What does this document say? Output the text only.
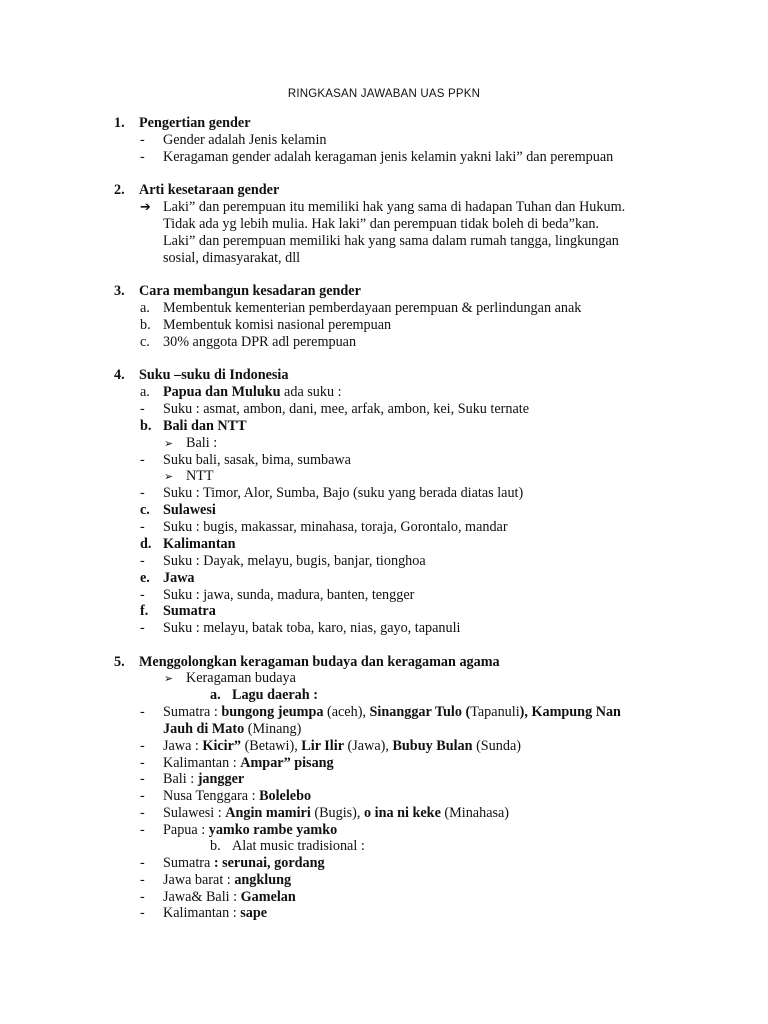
RINGKASAN JAWABAN UAS PPKN
1. Pengertian gender
- Gender adalah Jenis kelamin
- Keragaman gender adalah keragaman jenis kelamin yakni laki” dan perempuan
2. Arti kesetaraan gender
➔ Laki” dan perempuan itu memiliki hak yang sama di hadapan Tuhan dan Hukum.
Tidak ada yg lebih mulia. Hak laki” dan perempuan tidak boleh di beda”kan.
Laki” dan perempuan memiliki hak yang sama dalam rumah tangga, lingkungan
sosial, dimasyarakat, dll
3. Cara membangun kesadaran gender
a. Membentuk kementerian pemberdayaan perempuan & perlindungan anak
b. Membentuk komisi nasional perempuan
c. 30% anggota DPR adl perempuan
4. Suku –suku di Indonesia
a. Papua dan Muluku ada suku :
- Suku : asmat, ambon, dani, mee, arfak, ambon, kei, Suku ternate
b. Bali dan NTT
➢ Bali :
- Suku bali, sasak, bima, sumbawa
➢ NTT
- Suku : Timor, Alor, Sumba, Bajo (suku yang berada diatas laut)
c. Sulawesi
- Suku : bugis, makassar, minahasa, toraja, Gorontalo, mandar
d. Kalimantan
- Suku : Dayak, melayu, bugis, banjar, tionghoa
e. Jawa
- Suku : jawa, sunda, madura, banten, tengger
f. Sumatra
- Suku : melayu, batak toba, karo, nias, gayo, tapanuli
5. Menggolongkan keragaman budaya dan keragaman agama
➢ Keragaman budaya
a. Lagu daerah :
- Sumatra : bungong jeumpa (aceh), Sinanggar Tulo (Tapanuli), Kampung Nan
Jauh di Mato (Minang)
- Jawa : Kicir” (Betawi), Lir Ilir (Jawa), Bubuy Bulan (Sunda)
- Kalimantan : Ampar” pisang
- Bali : jangger
- Nusa Tenggara : Bolelebo
- Sulawesi : Angin mamiri (Bugis), o ina ni keke (Minahasa)
- Papua : yamko rambe yamko
b. Alat music tradisional :
- Sumatra : serunai, gordang
- Jawa barat : angklung
- Jawa& Bali : Gamelan
- Kalimantan : sape
